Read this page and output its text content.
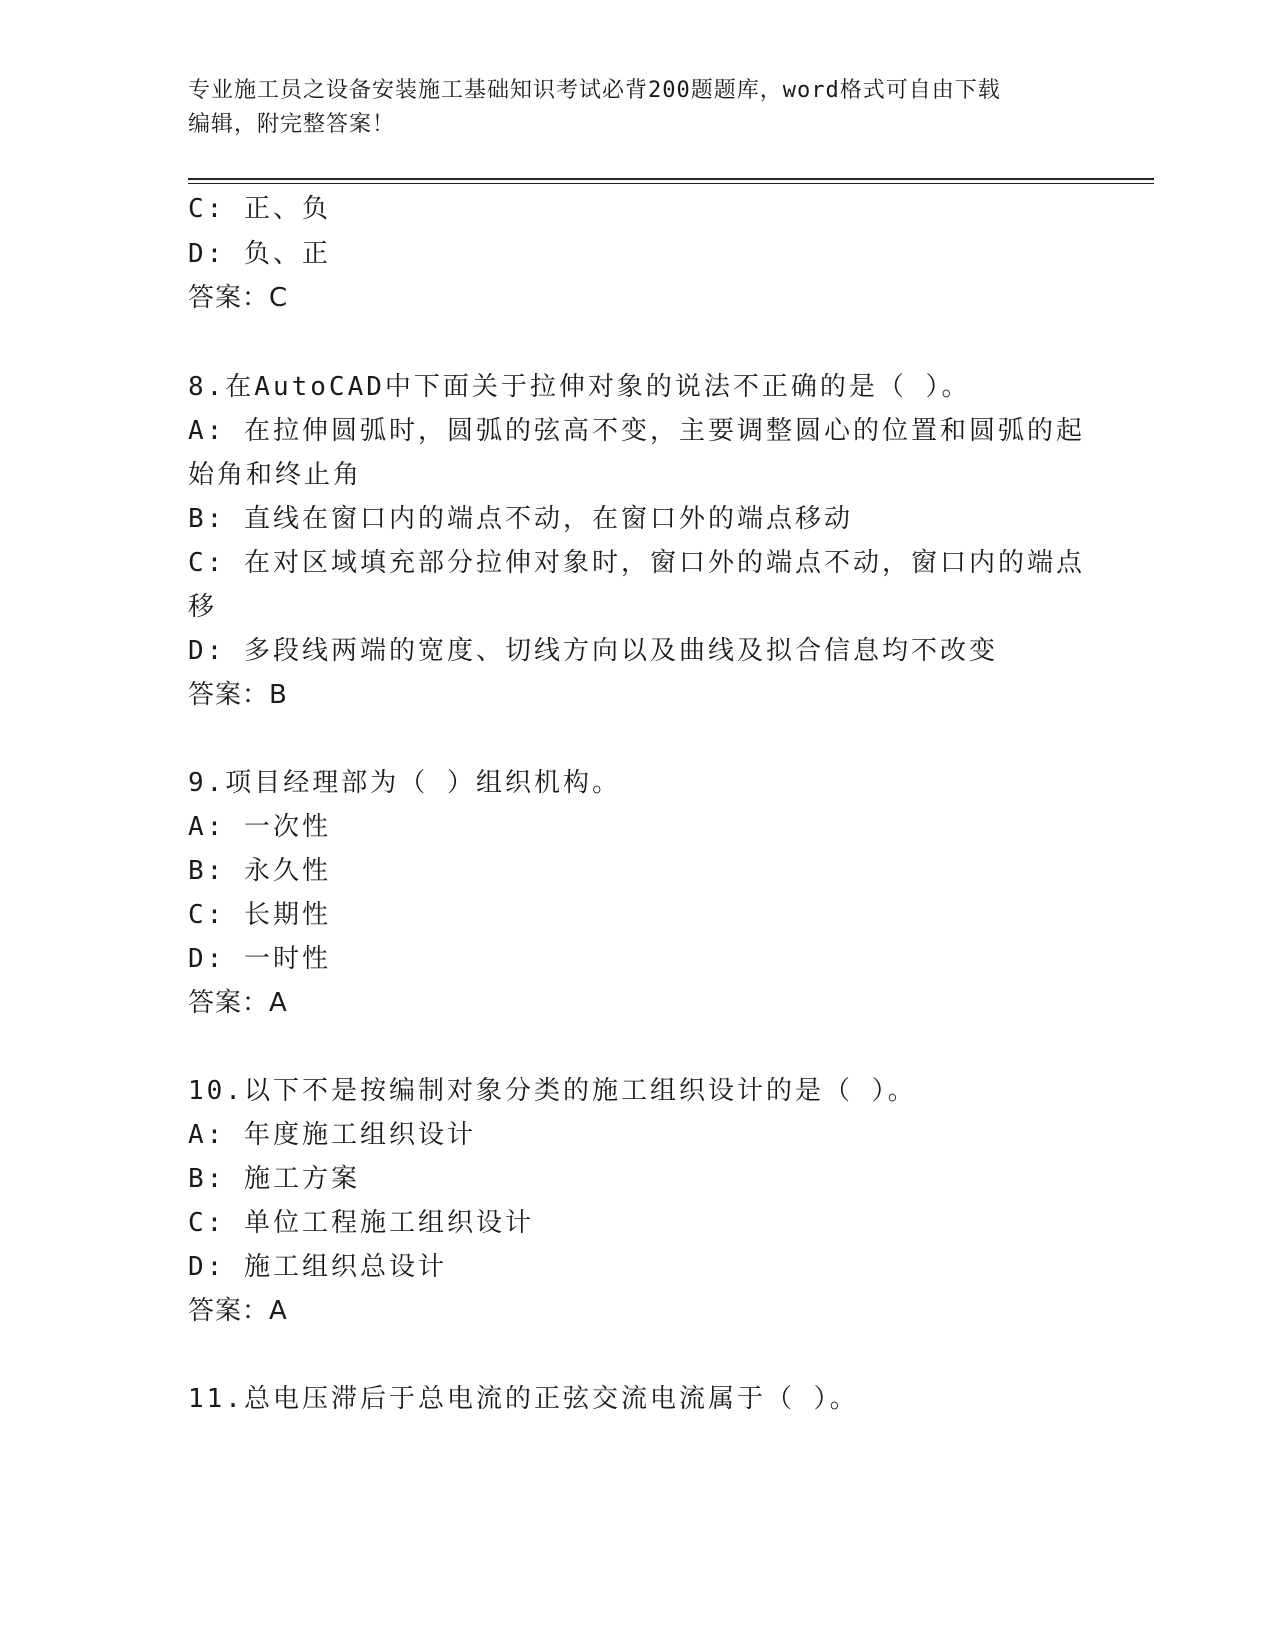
专业施工员之设备安装施工基础知识考试必背200题题库，word格式可自由下载
编辑，附完整答案！
C: 正、负
D: 负、正
答案：C
8.在AutoCAD中下面关于拉伸对象的说法不正确的是（ ）。
A: 在拉伸圆弧时，圆弧的弦高不变，主要调整圆心的位置和圆弧的起
始角和终止角
B: 直线在窗口内的端点不动，在窗口外的端点移动
C: 在对区域填充部分拉伸对象时，窗口外的端点不动，窗口内的端点
移
D: 多段线两端的宽度、切线方向以及曲线及拟合信息均不改变
答案：B
9.项目经理部为（ ）组织机构。
A: 一次性
B: 永久性
C: 长期性
D: 一时性
答案：A
10.以下不是按编制对象分类的施工组织设计的是（ ）。
A: 年度施工组织设计
B: 施工方案
C: 单位工程施工组织设计
D: 施工组织总设计
答案：A
11.总电压滞后于总电流的正弦交流电流属于（ ）。
